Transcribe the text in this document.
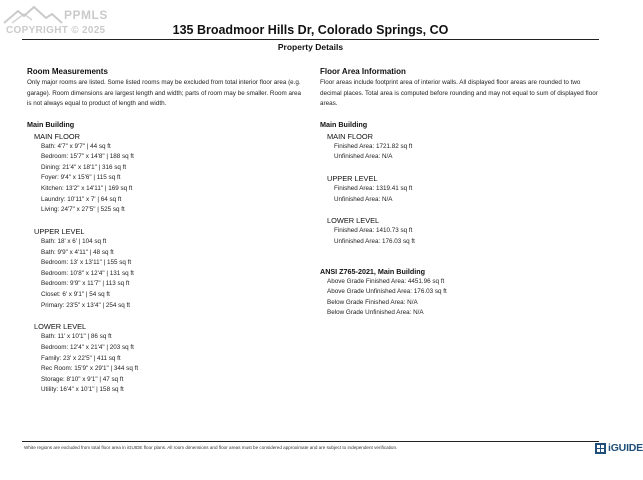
PPMLS
COPYRIGHT © 2025	135 Broadmoor Hills Dr, Colorado Springs, CO
Property Details
Room Measurements

Only major rooms are listed. Some listed rooms may be excluded from total interior floor area (e.g. garage). Room dimensions are largest length and width; parts of room may be smaller. Room area is not always equal to product of length and width.

Main Building
MAIN FLOOR
Bath: 4'7" x 9'7" | 44 sq ft
Bedroom: 15'7" x 14'8" | 188 sq ft
Dining: 21'4" x 18'1" | 316 sq ft
Foyer: 9'4" x 15'6" | 115 sq ft
Kitchen: 13'2" x 14'11" | 169 sq ft
Laundry: 10'11" x 7' | 64 sq ft
Living: 24'7" x 27'5" | 525 sq ft
UPPER LEVEL
Bath: 18' x 6' | 104 sq ft
Bath: 9'9" x 4'11" | 48 sq ft
Bedroom: 13' x 13'11" | 155 sq ft
Bedroom: 10'8" x 12'4" | 131 sq ft
Bedroom: 9'9" x 11'7" | 113 sq ft
Closet: 6' x 9'1" | 54 sq ft
Primary: 23'5" x 13'4" | 254 sq ft
LOWER LEVEL
Bath: 11' x 10'1" | 86 sq ft
Bedroom: 12'4" x 21'4" | 203 sq ft
Family: 23' x 22'5" | 411 sq ft
Rec Room: 15'9" x 29'1" | 344 sq ft
Storage: 8'10" x 9'1" | 47 sq ft
Utility: 16'4" x 10'1" | 158 sq ft
Floor Area Information

Floor areas include footprint area of interior walls. All displayed floor areas are rounded to two decimal places. Total area is computed before rounding and may not equal to sum of displayed floor areas.

Main Building
MAIN FLOOR
Finished Area: 1721.82 sq ft
Unfinished Area: N/A
UPPER LEVEL
Finished Area: 1319.41 sq ft
Unfinished Area: N/A
LOWER LEVEL
Finished Area: 1410.73 sq ft
Unfinished Area: 176.03 sq ft
ANSI Z765-2021, Main Building
Above Grade Finished Area: 4451.96 sq ft
Above Grade Unfinished Area: 176.03 sq ft
Below Grade Finished Area: N/A
Below Grade Unfinished Area: N/A
White regions are excluded from total floor area in iGUIDE floor plans. All room dimensions and floor areas must be considered approximate and are subject to independent verification.	iGUIDE
